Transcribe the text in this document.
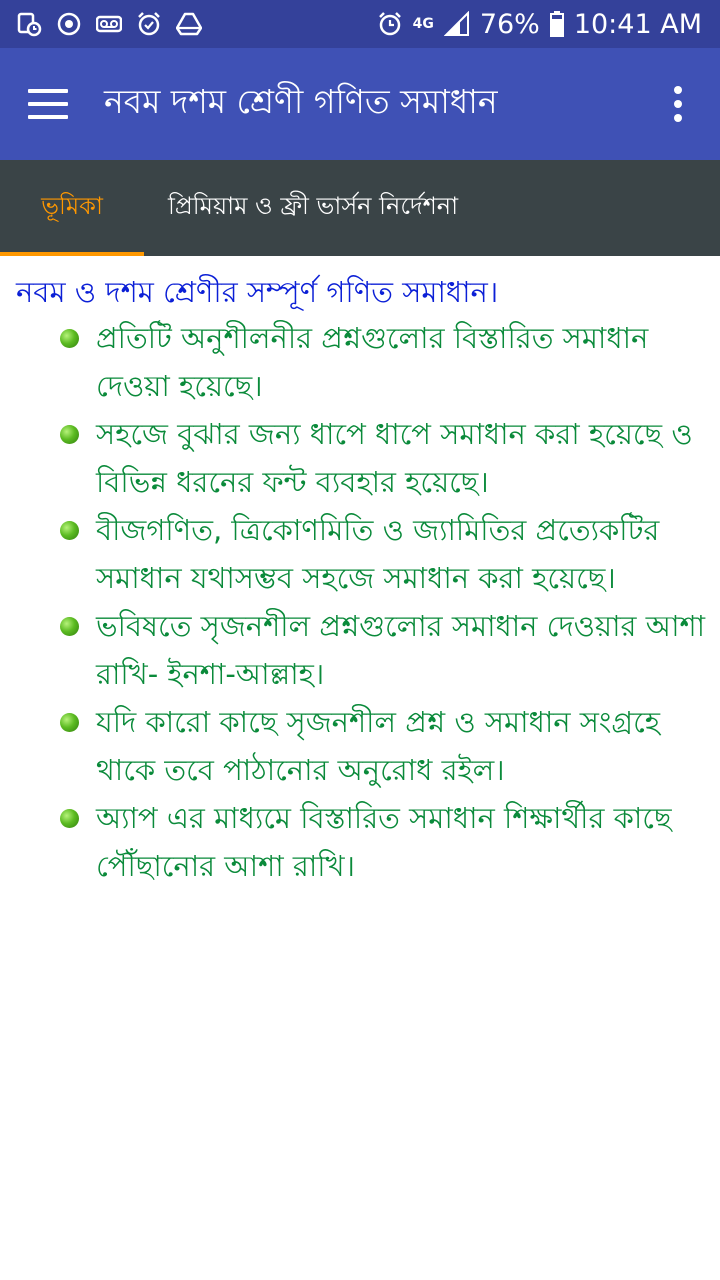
4G 76% 10:41 AM
নবম দশম শ্রেণী গণিত সমাধান
ভূমিকা	প্রিমিয়াম ও ফ্রী ভার্সন নির্দেশনা

নবম ও দশম শ্রেণীর সম্পূর্ণ গণিত সমাধান।

প্রতিটি অনুশীলনীর প্রশ্নগুলোর বিস্তারিত সমাধান দেওয়া হয়েছে।
সহজে বুঝার জন্য ধাপে ধাপে সমাধান করা হয়েছে ও বিভিন্ন ধরনের ফন্ট ব্যবহার হয়েছে।
বীজগণিত, ত্রিকোণমিতি ও জ্যামিতির প্রত্যেকটির সমাধান যথাসম্ভব সহজে সমাধান করা হয়েছে।
ভবিষতে সৃজনশীল প্রশ্নগুলোর সমাধান দেওয়ার আশা রাখি- ইনশা-আল্লাহ।
যদি কারো কাছে সৃজনশীল প্রশ্ন ও সমাধান সংগ্রহে থাকে তবে পাঠানোর অনুরোধ রইল।
অ্যাপ এর মাধ্যমে বিস্তারিত সমাধান শিক্ষার্থীর কাছে পৌঁছানোর আশা রাখি।
